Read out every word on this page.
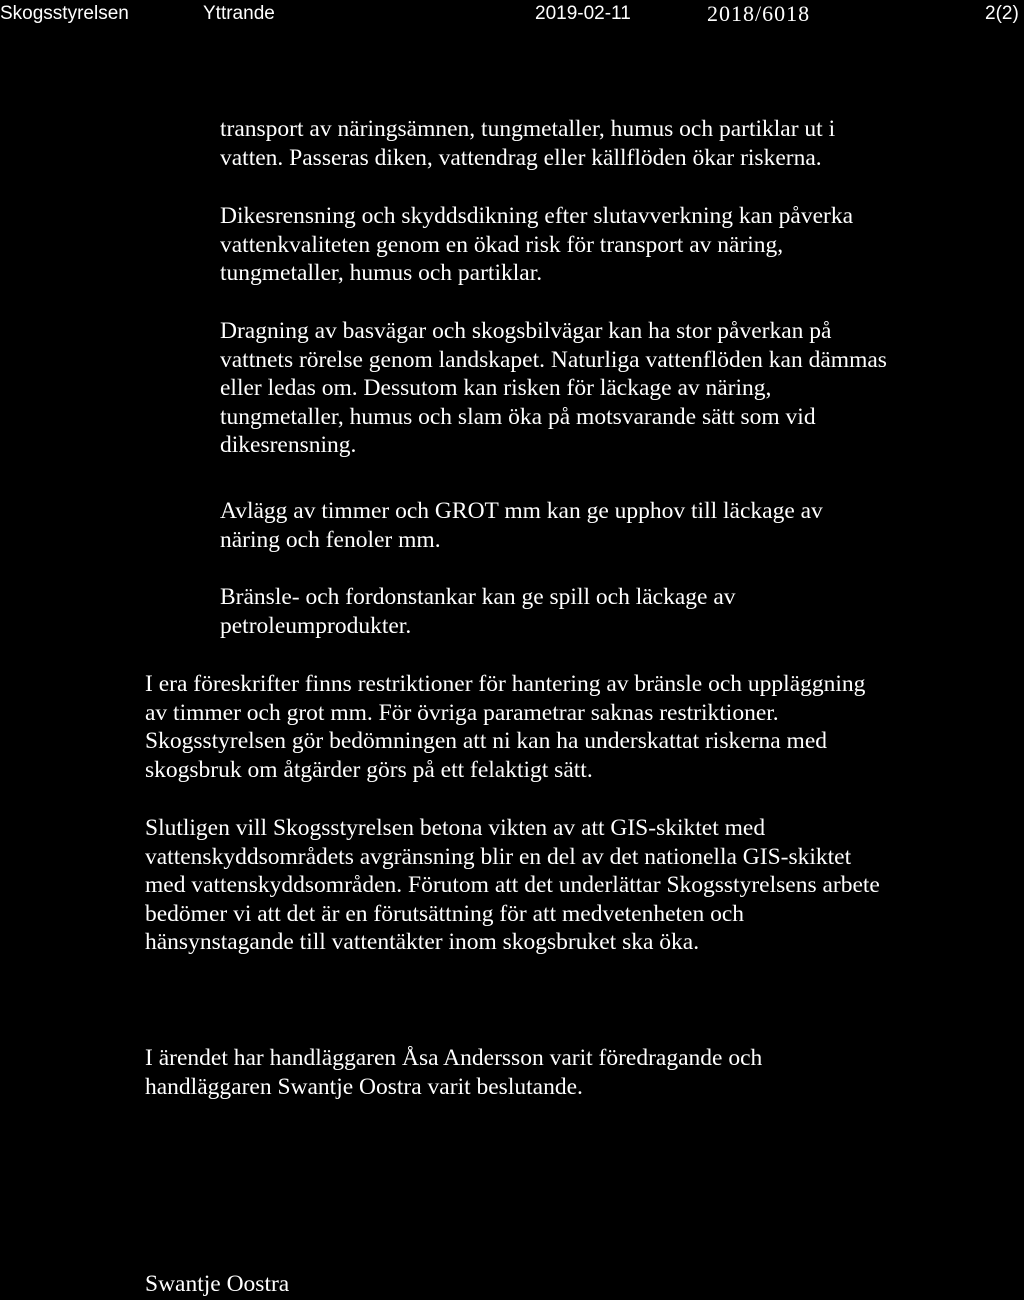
Skogsstyrelsen	Yttrande	2019-02-11	2018/6018	2(2)

transport av näringsämnen, tungmetaller, humus och partiklar ut i
vatten. Passeras diken, vattendrag eller källflöden ökar riskerna.

Dikesrensning och skyddsdikning efter slutavverkning kan påverka
vattenkvaliteten genom en ökad risk för transport av näring,
tungmetaller, humus och partiklar.

Dragning av basvägar och skogsbilvägar kan ha stor påverkan på
vattnets rörelse genom landskapet. Naturliga vattenflöden kan dämmas
eller ledas om. Dessutom kan risken för läckage av näring,
tungmetaller, humus och slam öka på motsvarande sätt som vid
dikesrensning.

Avlägg av timmer och GROT mm kan ge upphov till läckage av
näring och fenoler mm.

Bränsle- och fordonstankar kan ge spill och läckage av
petroleumprodukter.

I era föreskrifter finns restriktioner för hantering av bränsle och uppläggning
av timmer och grot mm. För övriga parametrar saknas restriktioner.
Skogsstyrelsen gör bedömningen att ni kan ha underskattat riskerna med
skogsbruk om åtgärder görs på ett felaktigt sätt.

Slutligen vill Skogsstyrelsen betona vikten av att GIS-skiktet med
vattenskyddsområdets avgränsning blir en del av det nationella GIS-skiktet
med vattenskyddsområden. Förutom att det underlättar Skogsstyrelsens arbete
bedömer vi att det är en förutsättning för att medvetenheten och
hänsynstagande till vattentäkter inom skogsbruket ska öka.

I ärendet har handläggaren Åsa Andersson varit föredragande och
handläggaren Swantje Oostra varit beslutande.

Swantje Oostra
